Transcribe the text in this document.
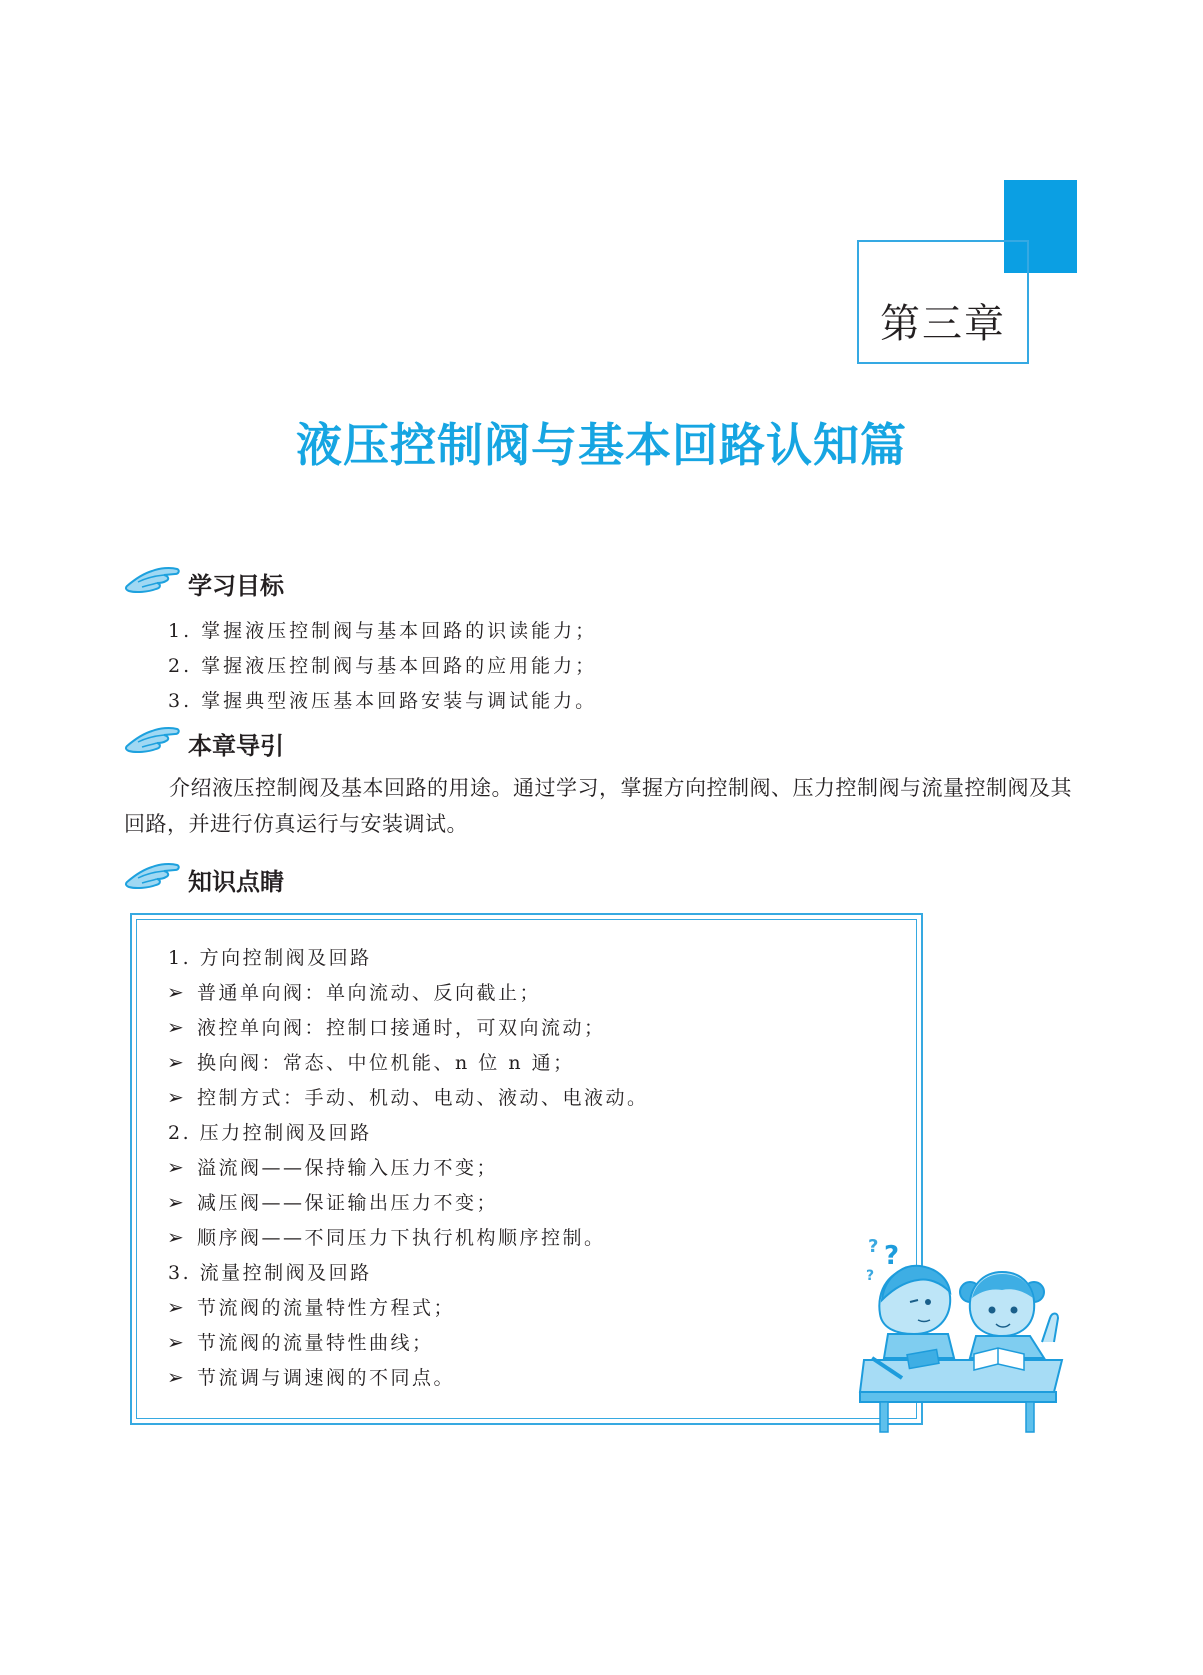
第三章
液压控制阀与基本回路认知篇
学习目标
1. 掌握液压控制阀与基本回路的识读能力；
2. 掌握液压控制阀与基本回路的应用能力；
3. 掌握典型液压基本回路安装与调试能力。
本章导引
介绍液压控制阀及基本回路的用途。通过学习，掌握方向控制阀、压力控制阀与流量控制阀及其回路，并进行仿真运行与安装调试。
知识点睛
1. 方向控制阀及回路
➢ 普通单向阀：单向流动、反向截止；
➢ 液控单向阀：控制口接通时，可双向流动；
➢ 换向阀：常态、中位机能、n 位 n 通；
➢ 控制方式：手动、机动、电动、液动、电液动。
2. 压力控制阀及回路
➢ 溢流阀——保持输入压力不变；
➢ 减压阀——保证输出压力不变；
➢ 顺序阀——不同压力下执行机构顺序控制。
3. 流量控制阀及回路
➢ 节流阀的流量特性方程式；
➢ 节流阀的流量特性曲线；
➢ 节流调与调速阀的不同点。
? ?
?
